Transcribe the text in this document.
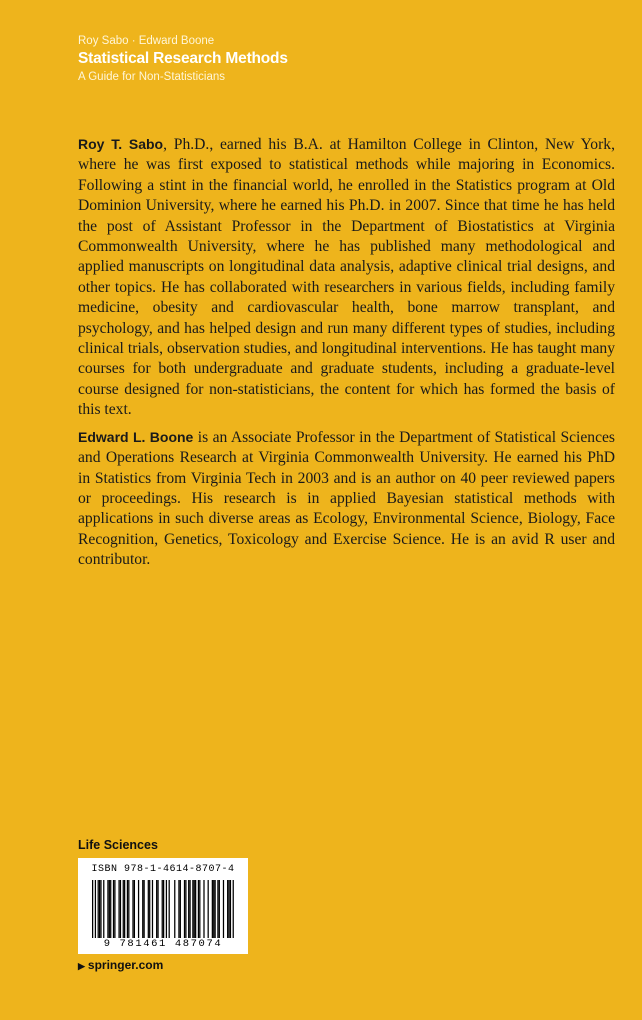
Roy Sabo · Edward Boone
Statistical Research Methods
A Guide for Non-Statisticians

Roy T. Sabo, Ph.D., earned his B.A. at Hamilton College in Clinton, New York, where he was first exposed to statistical methods while majoring in Economics. Following a stint in the financial world, he enrolled in the Statistics program at Old Dominion University, where he earned his Ph.D. in 2007. Since that time he has held the post of Assistant Professor in the Department of Biostatistics at Virginia Commonwealth University, where he has published many methodological and applied manuscripts on longitudinal data analysis, adaptive clinical trial designs, and other topics. He has collaborated with researchers in various fields, including family medicine, obesity and cardiovascular health, bone marrow transplant, and psychology, and has helped design and run many different types of studies, including clinical trials, observation studies, and longitudinal interventions. He has taught many courses for both undergraduate and graduate students, including a graduate-level course designed for non-statisticians, the content for which has formed the basis of this text.

Edward L. Boone is an Associate Professor in the Department of Statistical Sciences and Operations Research at Virginia Commonwealth University. He earned his PhD in Statistics from Virginia Tech in 2003 and is an author on 40 peer reviewed papers or proceedings. His research is in applied Bayesian statistical methods with applications in such diverse areas as Ecology, Environmental Science, Biology, Face Recognition, Genetics, Toxicology and Exercise Science. He is an avid R user and contributor.

Life Sciences
ISBN 978-1-4614-8707-4
9 781461 487074
▶ springer.com
